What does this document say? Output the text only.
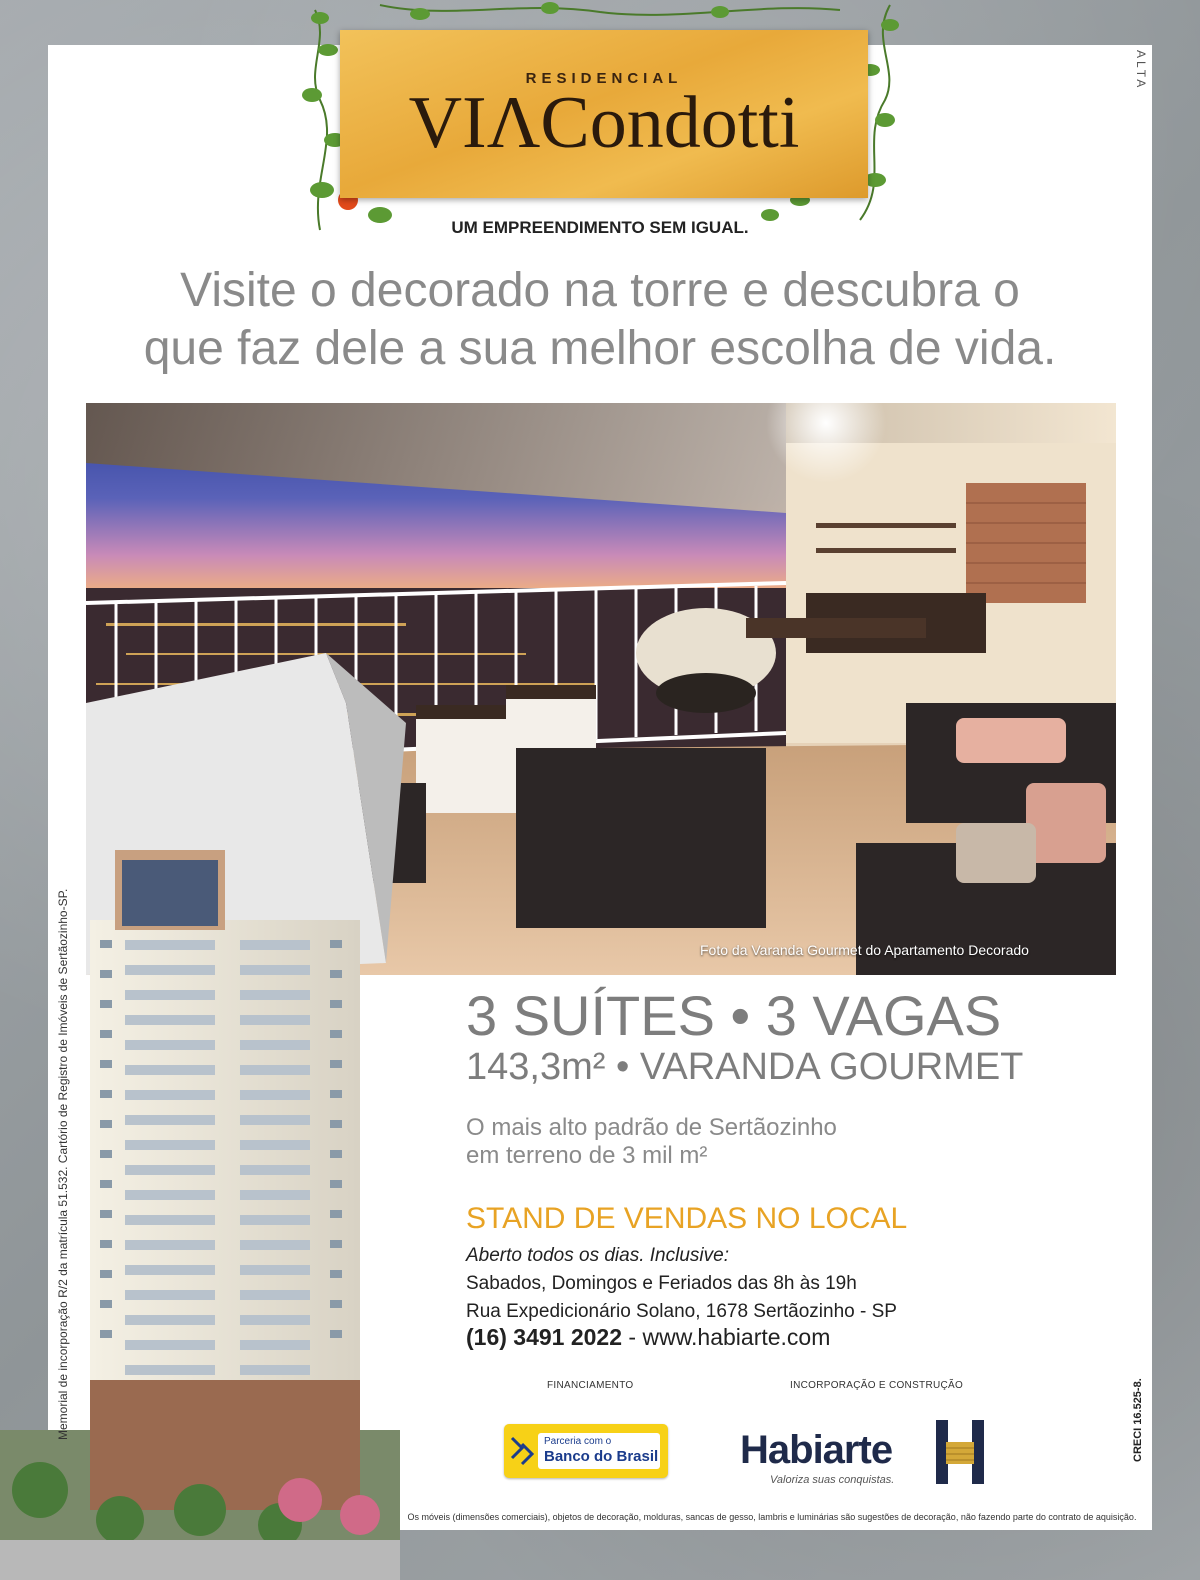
RESIDENCIAL
VIΛCondotti
UM EMPREENDIMENTO SEM IGUAL.
Visite o decorado na torre e descubra o
que faz dele a sua melhor escolha de vida.
ALTA
Foto da Varanda Gourmet do Apartamento Decorado
Memorial de incorporação R/2 da matrícula 51.532. Cartório de Registro de Imóveis de Sertãozinho-SP.	3 SUÍTES • 3 VAGAS
143,3m² • VARANDA GOURMET
O mais alto padrão de Sertãozinho
em terreno de 3 mil m²
STAND DE VENDAS NO LOCAL
Aberto todos os dias. Inclusive:
Sabados, Domingos e Feriados das 8h às 19h
Rua Expedicionário Solano, 1678 Sertãozinho - SP
(16) 3491 2022 - www.habiarte.com
FINANCIAMENTO	INCORPORAÇÃO E CONSTRUÇÃO
Parceria com o
Banco do Brasil Habiarte
Valoriza suas conquistas.
CRECI 16.525-8.
Os móveis (dimensões comerciais), objetos de decoração, molduras, sancas de gesso, lambris e luminárias são sugestões de decoração, não fazendo parte do contrato de aquisição.
